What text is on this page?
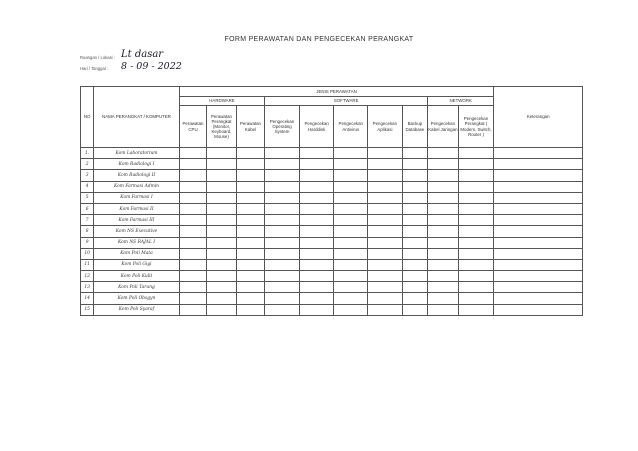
FORM PERAWATAN DAN PENGECEKAN PERANGKAT
Ruangan / Lokasi : Lt dasar
Hari / Tanggal : 8 - 09 - 2022
NO	NAMA PERANGKAT / KOMPUTER	JENIS PERAWATAN										Keterangan
		HARDWARE			SOFTWARE					NETWORK		
		Perawatan CPU	Perawatan Perangkat (Monitor, Keyboard, Mouse)	Perawatan Kabel	Pengecekan Operating System	Pengecekan Harddisk	Pengecekan Antivirus	Pengecekan Aplikasi	Backup Database	Pengecekan Kabel Jaringan	Pengecekan Perangkat ( Modem, Switch, Router )	
1.	Kom Laboratorium											
2	Kom Radiologi I											
3	Kom Radiologi II											
4	Kom Farmasi Admin											
5	Kom Farmasi I											
6	Kom Farmasi II											
7	Kom Farmasi III											
8	Kom NS Executive											
9	Kom NS RAJAL I											
10	Kom Poli Mata											
11	Kom Poli Gigi											
12	Kom Poli Kulit											
13	Kom Poli Tarung											
14	Kom Poli Obsgyn											
15	Kom Poli Syaraf											
